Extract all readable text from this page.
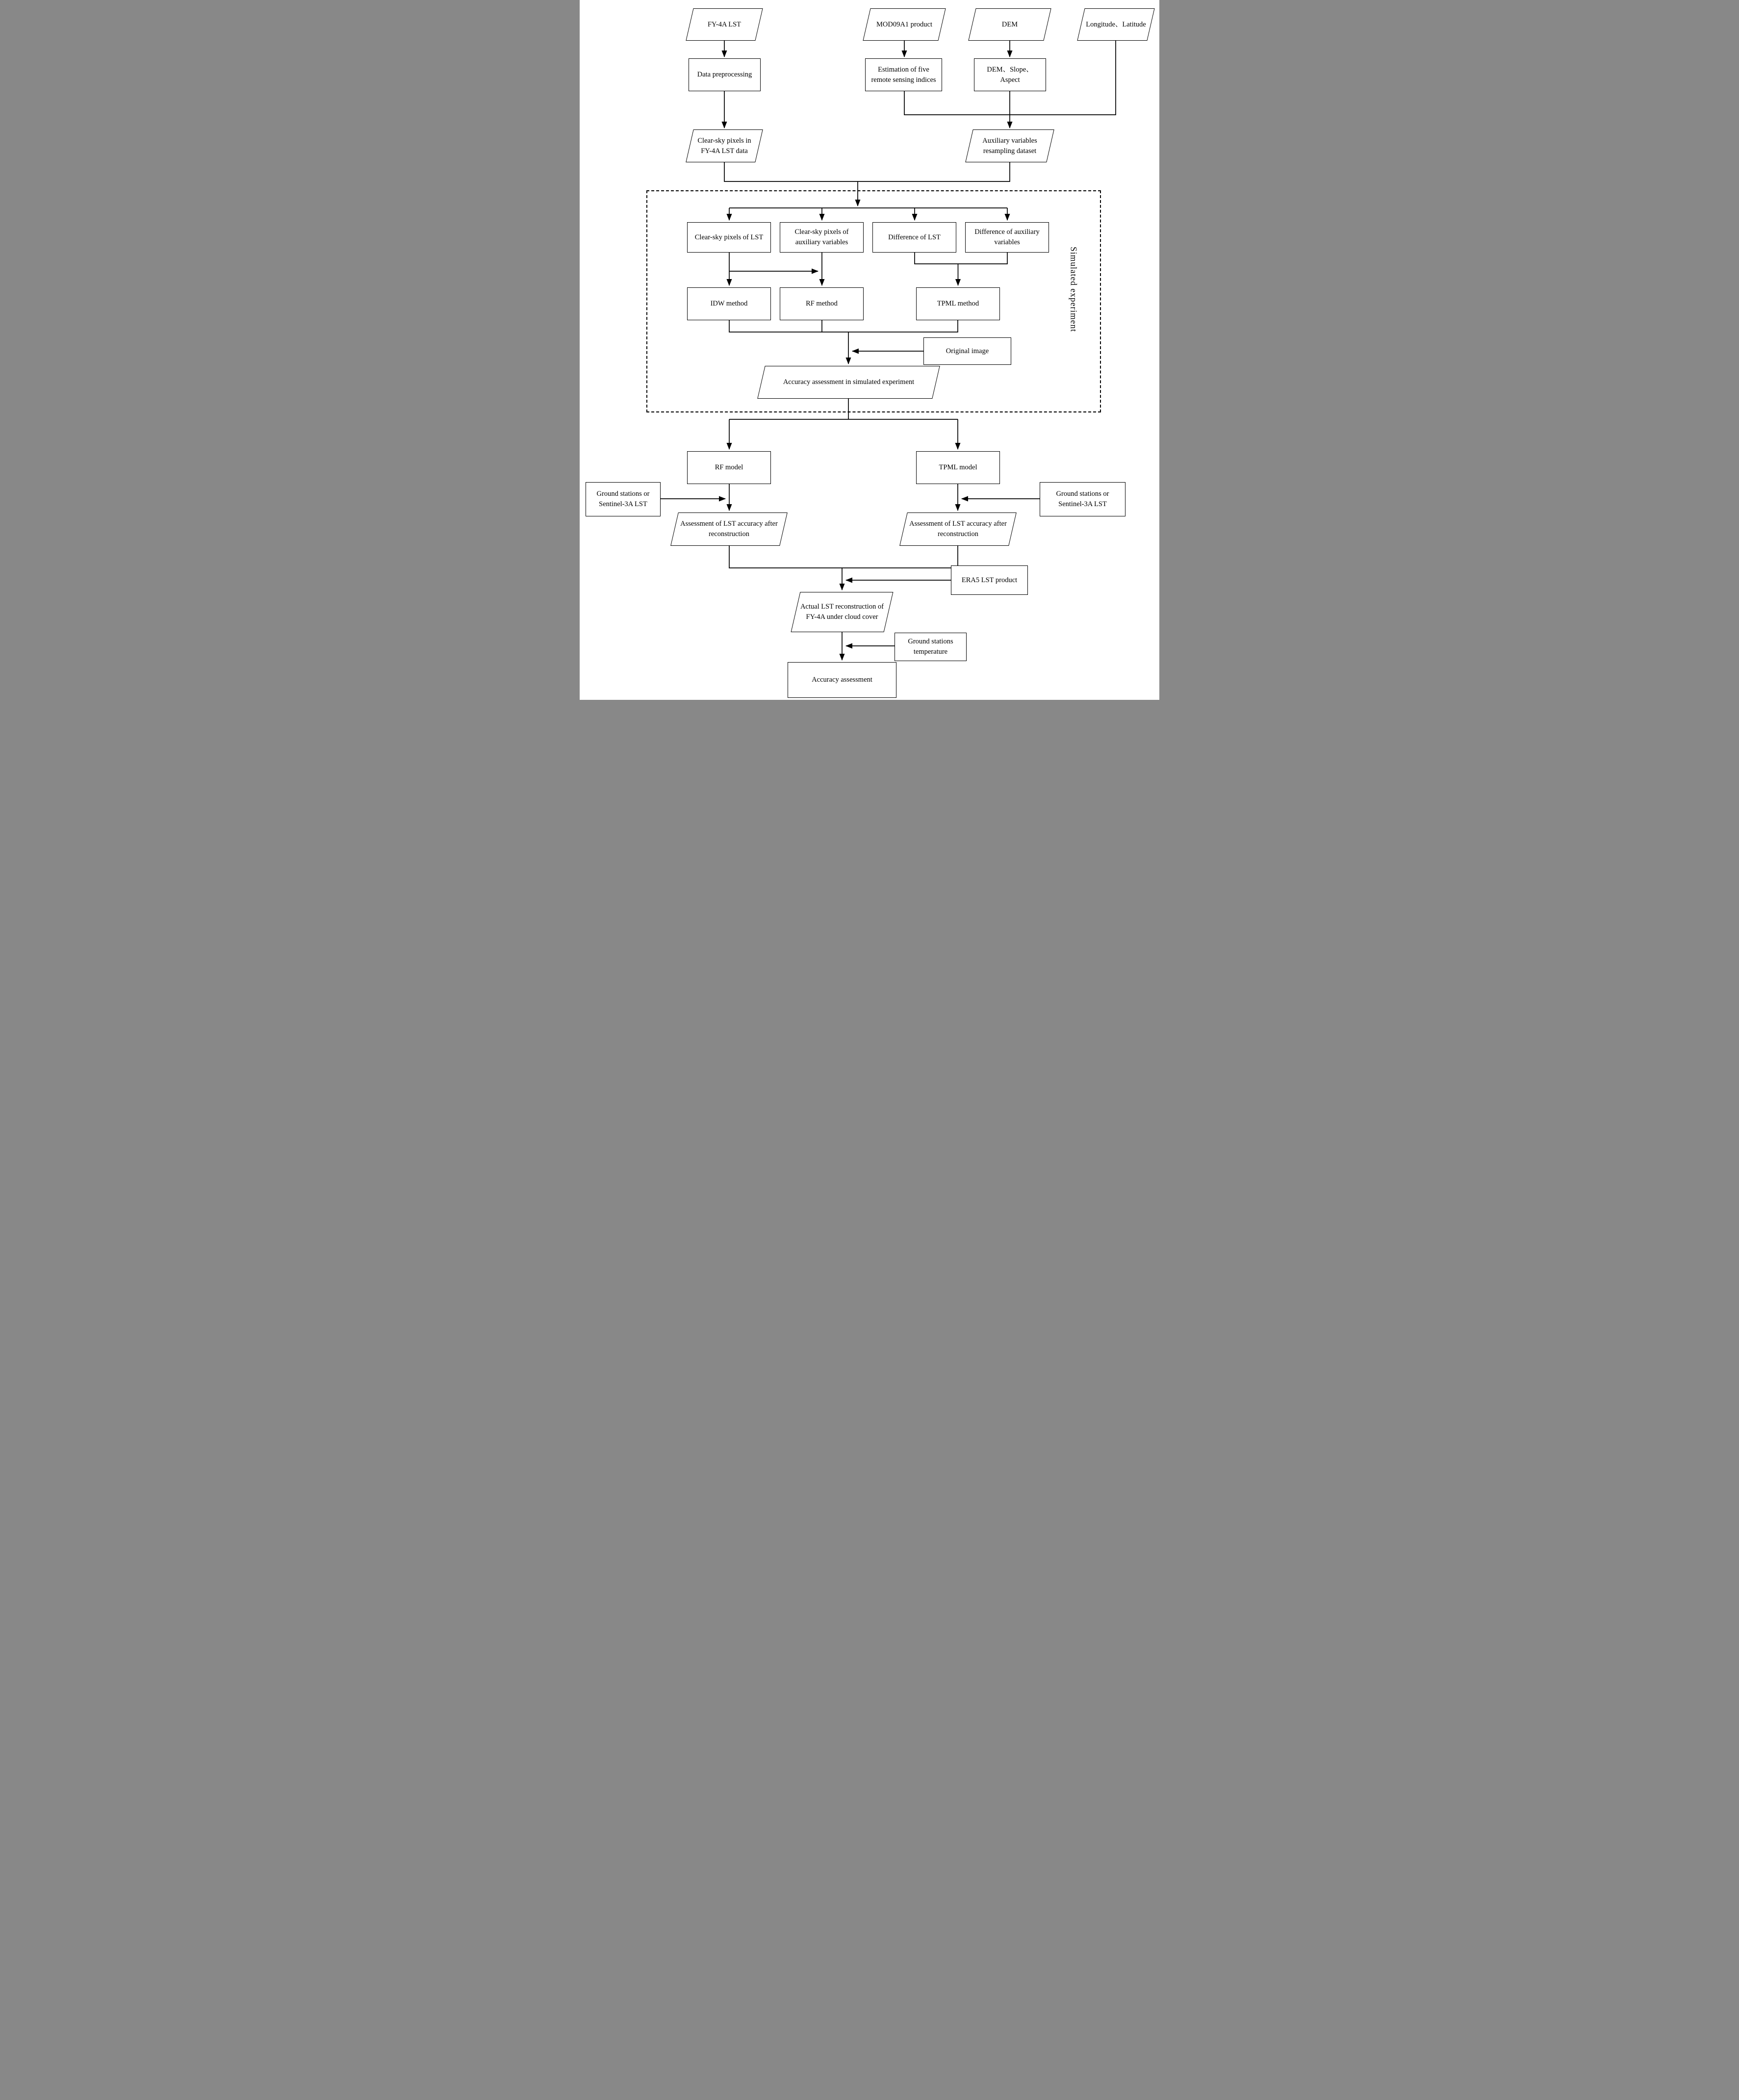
FY-4A LST	MOD09A1 product	DEM	Longitude、Latitude
Data preprocessing
Estimation of five remote sensing indices
DEM、Slope、Aspect
Clear-sky pixels in FY-4A LST data
Auxiliary variables resampling dataset
Clear-sky pixels of LST
Clear-sky pixels of auxiliary variables
Difference of LST
Difference of auxiliary variables
IDW method	RF method	TPML method
Original image
Accuracy assessment in simulated experiment
RF model	TPML model
Ground stations or Sentinel-3A LST
Ground stations or Sentinel-3A LST
Assessment of LST accuracy after reconstruction
Assessment of LST accuracy after reconstruction
ERA5 LST product
Actual LST reconstruction of FY-4A under cloud cover
Ground stations temperature
Accuracy assessment
Simulated experiment
